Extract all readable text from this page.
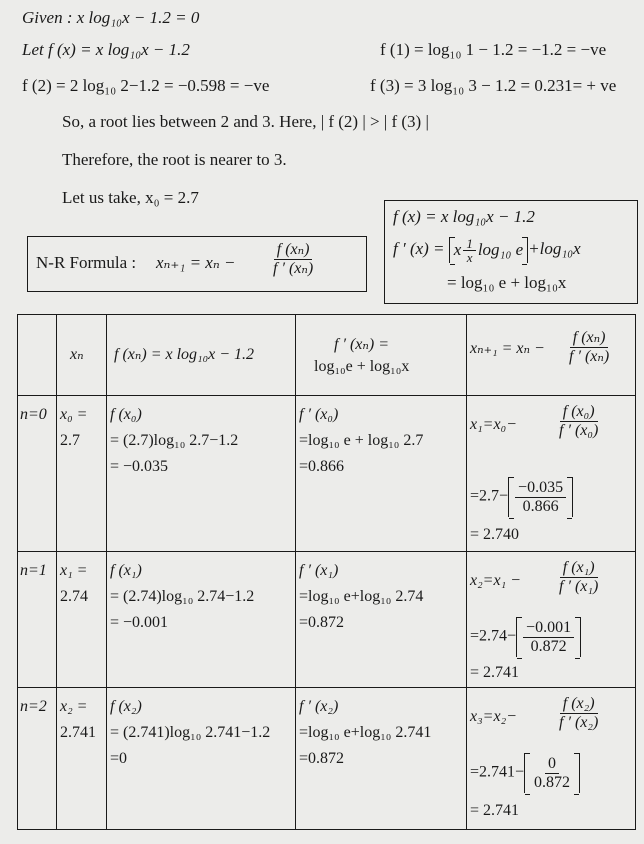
Given : x log₁₀x − 1.2 = 0
Let f (x) = x log₁₀x − 1.2	f (1) = log₁₀ 1 − 1.2 = −1.2 = −ve
f (2) = 2 log₁₀ 2−1.2 = −0.598 = −ve	f (3) = 3 log₁₀ 3 − 1.2 = 0.231= + ve
So, a root lies between 2 and 3. Here, | f (2) | > | f (3) |
Therefore, the root is nearer to 3.
Let us take, x₀ = 2.7
N-R Formula : $x_{n+1} = x_n - \frac{\text{f (xₙ)}}{\text{f ′ (xₙ)}}$
f (x) = x log₁₀x − 1.2
f ′ (x) = x $\frac{1}{x} \log_{10}$ e +log₁₀x
= log₁₀ e + log₁₀x
xₙ f (xₙ) = x log₁₀x − 1.2
f ′ (xₙ) =
log₁₀e + log₁₀x
$x_{n+1} = x_n - \frac{\text{f (xₙ)}}{\text{f ′ (xₙ)}}$
n=0 x₀ =
2.7
f (x₀)
= (2.7)log₁₀ 2.7−1.2
= −0.035
f ′ (x₀)
=log₁₀ e + log₁₀ 2.7
=0.866
$x_1=x_0- \frac{\text{f (x₀)}}{\text{f ′ (x₀)}}$
$=2.7- \frac{-0.035}{0.866}$
= 2.740
n=1 x₁ =
2.74
f (x₁)
= (2.74)log₁₀ 2.74−1.2
= −0.001
f ′ (x₁)
=log₁₀ e+log₁₀ 2.74
=0.872
$x_2=x_1 - \frac{\text{f (x₁)}}{\text{f ′ (x₁)}}$
$=2.74- \frac{-0.001}{0.872}$
= 2.741
n=2 x₂ =
2.741
f (x₂)
= (2.741)log₁₀ 2.741−1.2
=0
f ′ (x₂)
=log₁₀ e+log₁₀ 2.741
=0.872
$x_3=x_2- \frac{\text{f (x₂)}}{\text{f ′ (x₂)}}$
$=2.741- \frac{0}{0.872}$
= 2.741
